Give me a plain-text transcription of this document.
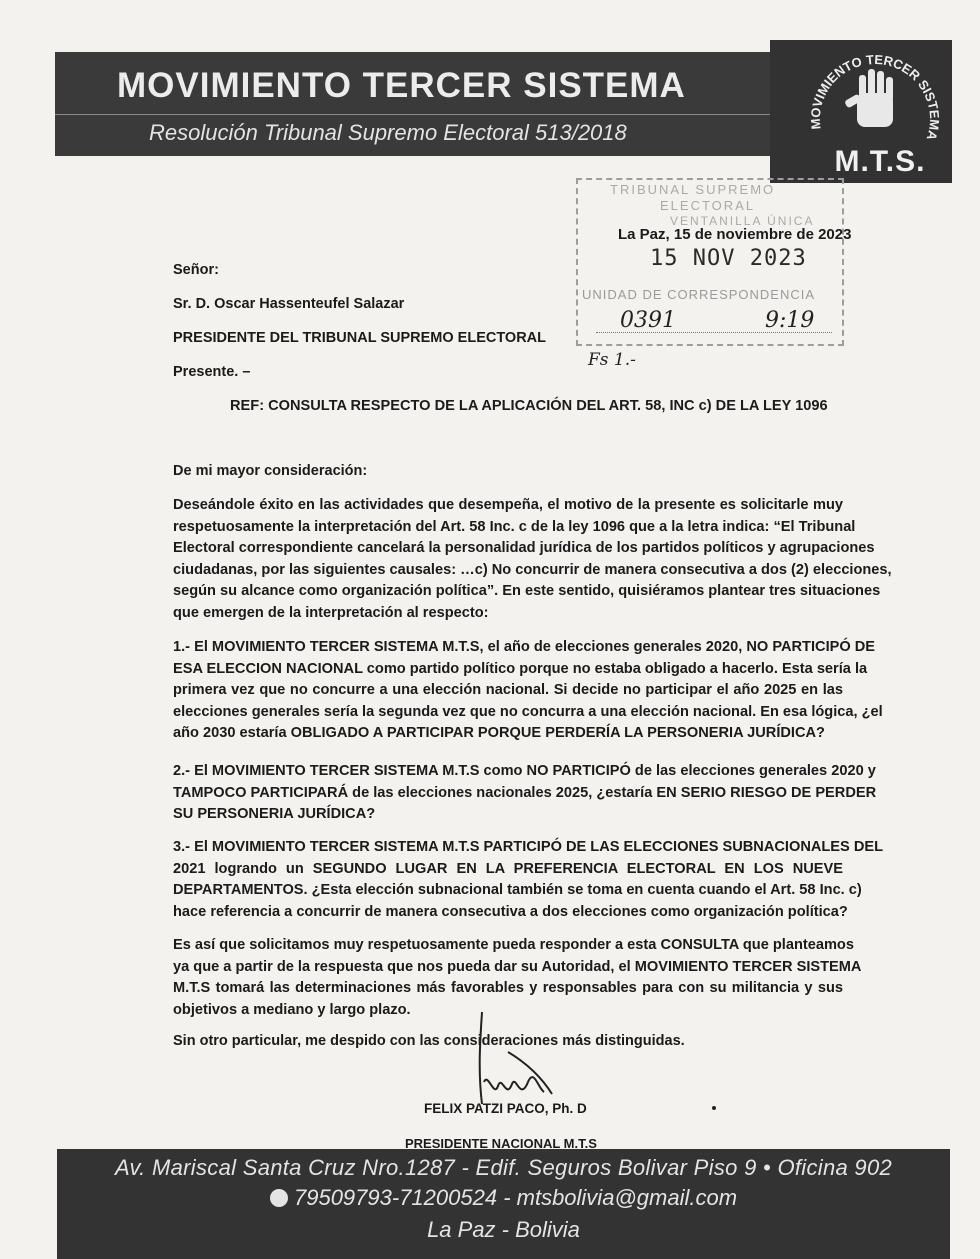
MOVIMIENTO TERCER SISTEMA
Resolución Tribunal Supremo Electoral 513/2018	MOVIMIENTO TERCER SISTEMA
M.T.S.
TRIBUNAL SUPREMO
ELECTORAL
VENTANILLA ÚNICA
La Paz, 15 de noviembre de 2023
15 NOV 2023
UNIDAD DE CORRESPONDENCIA
0391	9:19
Fs 1.-
Señor:
Sr. D. Oscar Hassenteufel Salazar
PRESIDENTE DEL TRIBUNAL SUPREMO ELECTORAL
Presente. –
REF: CONSULTA RESPECTO DE LA APLICACIÓN DEL ART. 58, INC c) DE LA LEY 1096
De mi mayor consideración:
Deseándole éxito en las actividades que desempeña, el motivo de la presente es solicitarle muy
respetuosamente la interpretación del Art. 58 Inc. c de la ley 1096 que a la letra indica: “El Tribunal
Electoral correspondiente cancelará la personalidad jurídica de los partidos políticos y agrupaciones
ciudadanas, por las siguientes causales: …c) No concurrir de manera consecutiva a dos (2) elecciones,
según su alcance como organización política”. En este sentido, quisiéramos plantear tres situaciones
que emergen de la interpretación al respecto:
1.- El MOVIMIENTO TERCER SISTEMA M.T.S, el año de elecciones generales 2020, NO PARTICIPÓ DE
ESA ELECCION NACIONAL como partido político porque no estaba obligado a hacerlo. Esta sería la
primera vez que no concurre a una elección nacional. Si decide no participar el año 2025 en las
elecciones generales sería la segunda vez que no concurra a una elección nacional. En esa lógica, ¿el
año 2030 estaría OBLIGADO A PARTICIPAR PORQUE PERDERÍA LA PERSONERIA JURÍDICA?
2.- El MOVIMIENTO TERCER SISTEMA M.T.S como NO PARTICIPÓ de las elecciones generales 2020 y
TAMPOCO PARTICIPARÁ de las elecciones nacionales 2025, ¿estaría EN SERIO RIESGO DE PERDER
SU PERSONERIA JURÍDICA?
3.- El MOVIMIENTO TERCER SISTEMA M.T.S PARTICIPÓ DE LAS ELECCIONES SUBNACIONALES DEL
2021 logrando un SEGUNDO LUGAR EN LA PREFERENCIA ELECTORAL EN LOS NUEVE
DEPARTAMENTOS. ¿Esta elección subnacional también se toma en cuenta cuando el Art. 58 Inc. c)
hace referencia a concurrir de manera consecutiva a dos elecciones como organización política?
Es así que solicitamos muy respetuosamente pueda responder a esta CONSULTA que planteamos
ya que a partir de la respuesta que nos pueda dar su Autoridad, el MOVIMIENTO TERCER SISTEMA
M.T.S tomará las determinaciones más favorables y responsables para con su militancia y sus
objetivos a mediano y largo plazo.
Sin otro particular, me despido con las consideraciones más distinguidas.
FELIX PATZI PACO, Ph. D
PRESIDENTE NACIONAL M.T.S
Av. Mariscal Santa Cruz Nro.1287 - Edif. Seguros Bolivar Piso 9 • Oficina 902
79509793-71200524 - mtsbolivia@gmail.com
La Paz - Bolivia
